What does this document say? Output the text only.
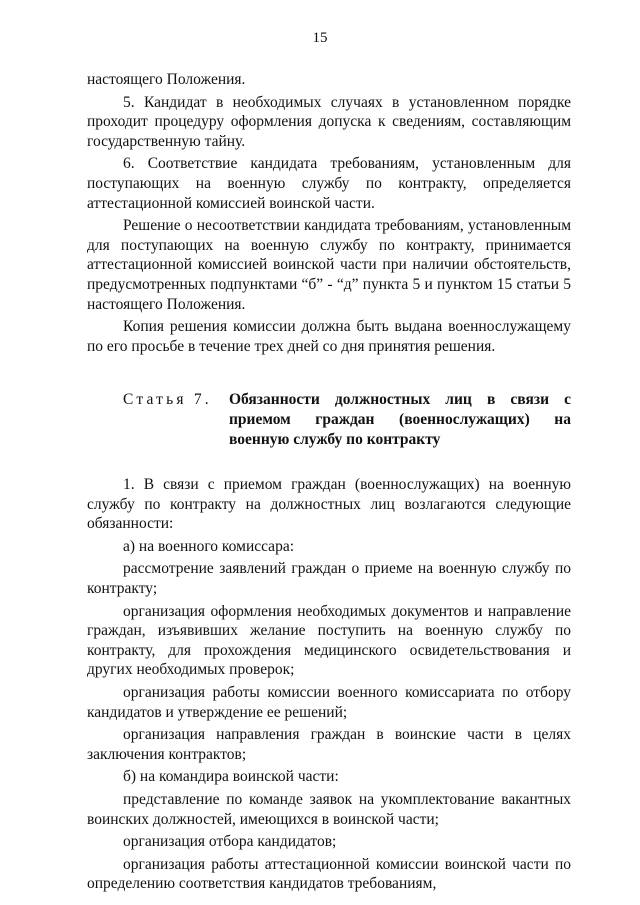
15

настоящего Положения.

5. Кандидат в необходимых случаях в установленном порядке проходит процедуру оформления допуска к сведениям, составляющим государственную тайну.

6. Соответствие кандидата требованиям, установленным для поступающих на военную службу по контракту, определяется аттестационной комиссией воинской части.

Решение о несоответствии кандидата требованиям, установленным для поступающих на военную службу по контракту, принимается аттестационной комиссией воинской части при наличии обстоятельств, предусмотренных подпунктами “б” - “д” пункта 5 и пунктом 15 статьи 5 настоящего Положения.

Копия решения комиссии должна быть выдана военнослужащему по его просьбе в течение трех дней со дня принятия решения.

Статья 7.	Обязанности должностных лиц в связи с приемом граждан (военнослужащих) на военную службу по контракту

1. В связи с приемом граждан (военнослужащих) на военную службу по контракту на должностных лиц возлагаются следующие обязанности:

а) на военного комиссара:

рассмотрение заявлений граждан о приеме на военную службу по контракту;

организация оформления необходимых документов и направление граждан, изъявивших желание поступить на военную службу по контракту, для прохождения медицинского освидетельствования и других необходимых проверок;

организация работы комиссии военного комиссариата по отбору кандидатов и утверждение ее решений;

организация направления граждан в воинские части в целях заключения контрактов;

б) на командира воинской части:

представление по команде заявок на укомплектование вакантных воинских должностей, имеющихся в воинской части;

организация отбора кандидатов;

организация работы аттестационной комиссии воинской части по определению соответствия кандидатов требованиям,
